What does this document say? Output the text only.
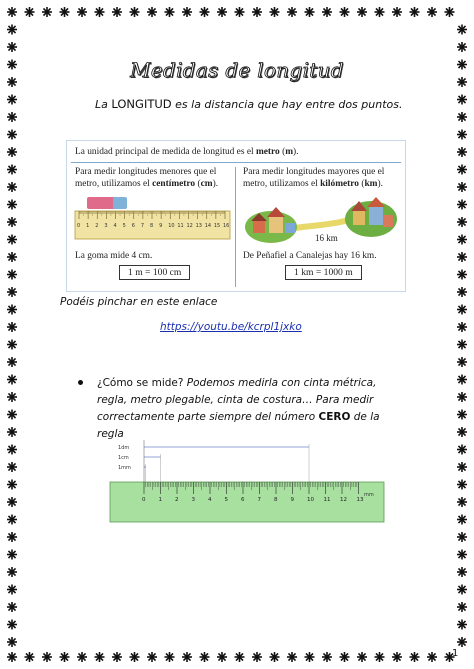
Medidas de longitud
La LONGITUD es la distancia que hay entre dos puntos.
La unidad principal de medida de longitud es el metro (m).
Para medir longitudes menores que el metro, utilizamos el centímetro (cm).
Para medir longitudes mayores que el metro, utilizamos el kilómetro (km).
0 1 2 3 4 5 6 7 8 9 10 11 12 13 14 15 16
16 km
La goma mide 4 cm.	De Peñafiel a Canalejas hay 16 km.
1 m = 100 cm	1 km = 1000 m
Podéis pinchar en este enlace
https://youtu.be/kcrpl1jxko
¿Cómo se mide? Podemos medirla con cinta métrica, regla, metro plegable, cinta de costura… Para medir correctamente parte siempre del número CERO de la regla
1dm
1cm
1mm
0 1 2 3 4 5 6 7 8 9 10 11 12 13
mm
1
